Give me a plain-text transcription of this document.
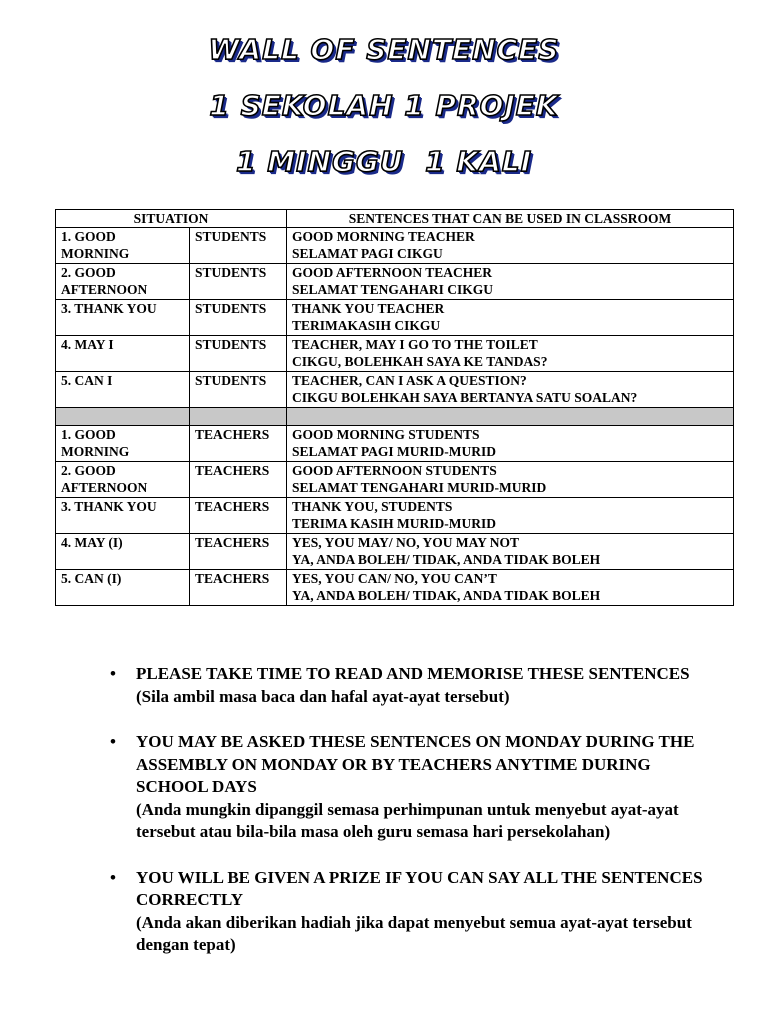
WALL OF SENTENCES
1 SEKOLAH 1 PROJEK
1 MINGGU  1 KALI
SITUATION		SENTENCES THAT CAN BE USED IN CLASSROOM
1. GOOD MORNING	STUDENTS	GOOD MORNING TEACHER
SELAMAT PAGI CIKGU

2. GOOD AFTERNOON	STUDENTS	GOOD AFTERNOON TEACHER
SELAMAT TENGAHARI CIKGU

3. THANK YOU	STUDENTS	THANK YOU TEACHER
TERIMAKASIH CIKGU

4. MAY I	STUDENTS	TEACHER, MAY I GO TO THE TOILET
CIKGU, BOLEHKAH SAYA KE TANDAS?

5. CAN I	STUDENTS	TEACHER, CAN I ASK A QUESTION?
CIKGU BOLEHKAH SAYA BERTANYA SATU SOALAN?

1. GOOD MORNING	TEACHERS	GOOD MORNING STUDENTS
SELAMAT PAGI MURID-MURID

2. GOOD AFTERNOON	TEACHERS	GOOD AFTERNOON STUDENTS
SELAMAT TENGAHARI MURID-MURID

3. THANK YOU	TEACHERS	THANK YOU, STUDENTS
TERIMA KASIH MURID-MURID

4. MAY (I)	TEACHERS	YES, YOU MAY/ NO, YOU MAY NOT
YA, ANDA BOLEH/ TIDAK, ANDA TIDAK BOLEH

5. CAN (I)	TEACHERS	YES, YOU CAN/ NO, YOU CAN’T
YA, ANDA BOLEH/ TIDAK, ANDA TIDAK BOLEH
• PLEASE TAKE TIME TO READ AND MEMORISE THESE SENTENCES
(Sila ambil masa baca dan hafal ayat-ayat tersebut)
• YOU MAY BE ASKED THESE SENTENCES ON MONDAY DURING THE ASSEMBLY ON MONDAY OR BY TEACHERS ANYTIME DURING SCHOOL DAYS
(Anda mungkin dipanggil semasa perhimpunan untuk menyebut ayat-ayat tersebut atau bila-bila masa oleh guru semasa hari persekolahan)
• YOU WILL BE GIVEN A PRIZE IF YOU CAN SAY ALL THE SENTENCES CORRECTLY
(Anda akan diberikan hadiah jika dapat menyebut semua ayat-ayat tersebut dengan tepat)
